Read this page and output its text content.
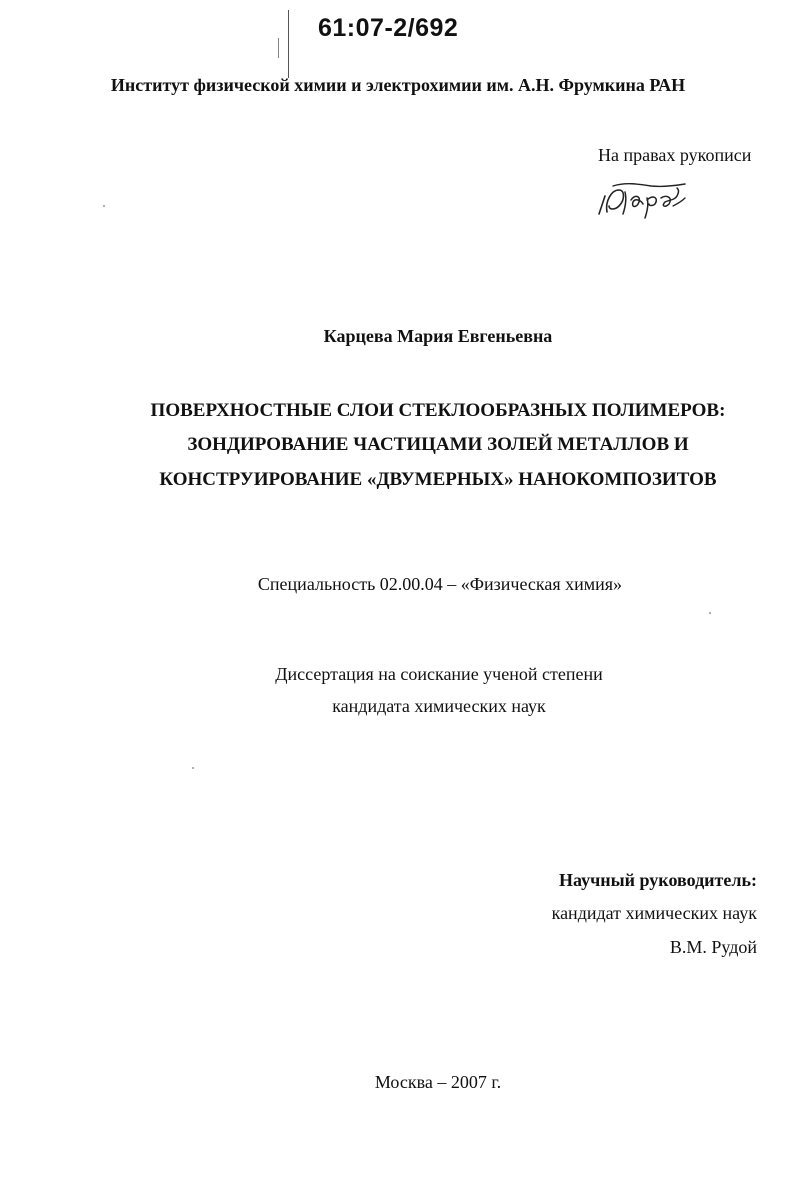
61:07-2/692
Институт физической химии и электрохимии им. А.Н. Фрумкина РАН
На правах рукописи
Карцева Мария Евгеньевна
ПОВЕРХНОСТНЫЕ СЛОИ СТЕКЛООБРАЗНЫХ ПОЛИМЕРОВ:
ЗОНДИРОВАНИЕ ЧАСТИЦАМИ ЗОЛЕЙ МЕТАЛЛОВ И
КОНСТРУИРОВАНИЕ «ДВУМЕРНЫХ» НАНОКОМПОЗИТОВ
Специальность 02.00.04 – «Физическая химия»
Диссертация на соискание ученой степени
кандидата химических наук
Научный руководитель:
кандидат химических наук
В.М. Рудой
Москва – 2007 г.
